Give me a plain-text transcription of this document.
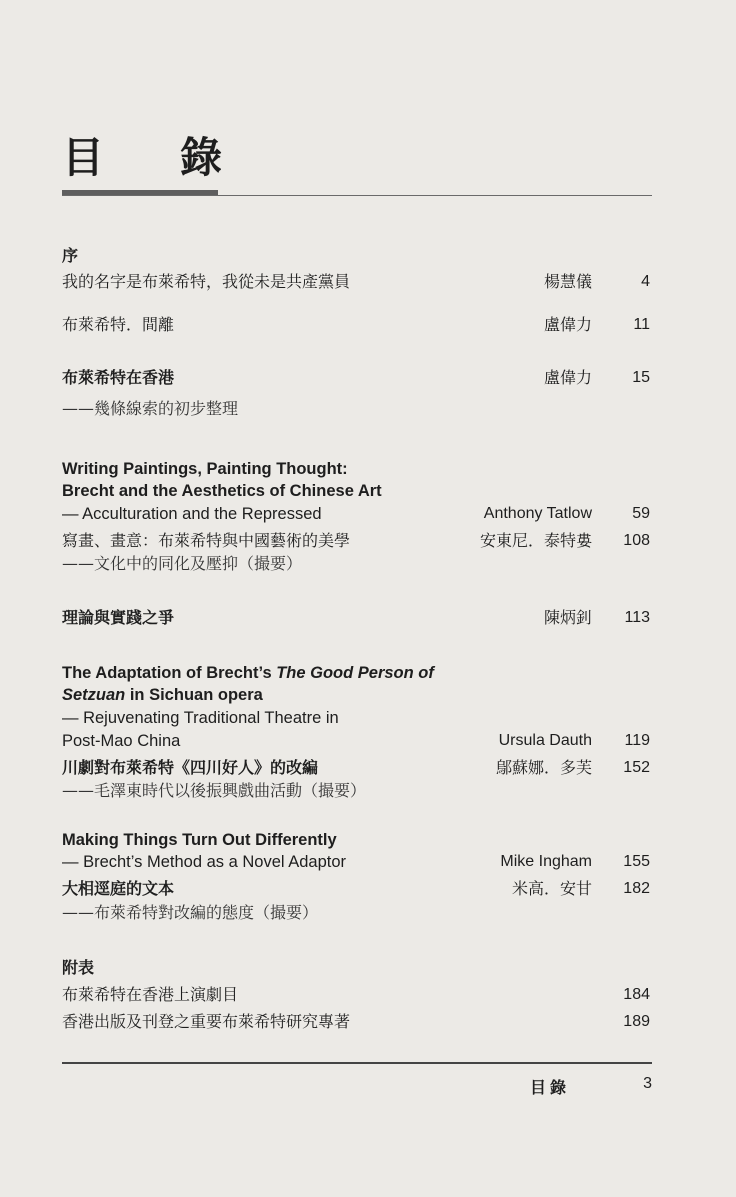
目 錄
序
我的名字是布萊希特，我從未是共產黨員	楊慧儀	4
布萊希特．間離	盧偉力	11
布萊希特在香港	盧偉力	15
——幾條線索的初步整理
Writing Paintings, Painting Thought:
Brecht and the Aesthetics of Chinese Art
— Acculturation and the Repressed	Anthony Tatlow	59
寫畫、畫意：布萊希特與中國藝術的美學	安東尼．泰特婁 108
——文化中的同化及壓抑（撮要）
理論與實踐之爭	陳炳釗 113
The Adaptation of Brecht’s The Good Person of
Setzuan in Sichuan opera
— Rejuvenating Traditional Theatre in
Post-Mao China	Ursula Dauth 119
川劇對布萊希特《四川好人》的改編	鄔蘇娜．多芙 152
——毛澤東時代以後振興戲曲活動（撮要）
Making Things Turn Out Differently
— Brecht’s Method as a Novel Adaptor	Mike Ingham 155
大相逕庭的文本	米高．安甘 182
——布萊希特對改編的態度（撮要）
附表
布萊希特在香港上演劇目	184
香港出版及刊登之重要布萊希特研究專著	189
目錄	3
